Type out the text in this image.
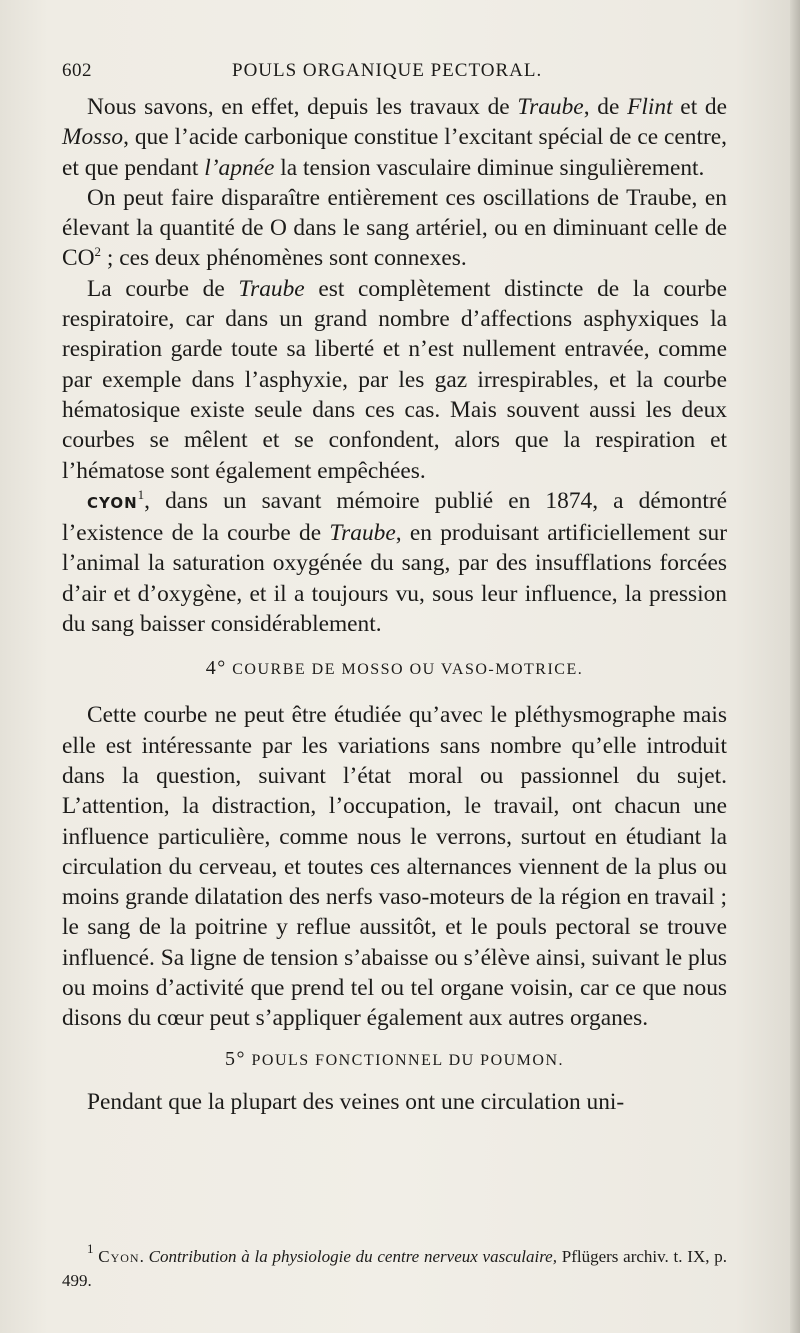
602	POULS ORGANIQUE PECTORAL.

Nous savons, en effet, depuis les travaux de Traube, de Flint et de Mosso, que l’acide carbonique constitue l’excitant spécial de ce centre, et que pendant l’apnée la tension vasculaire diminue singulièrement.

On peut faire disparaître entièrement ces oscillations de Traube, en élevant la quantité de O dans le sang artériel, ou en diminuant celle de $CO^2$ ; ces deux phénomènes sont connexes.

La courbe de Traube est complètement distincte de la courbe respiratoire, car dans un grand nombre d’affections asphyxiques la respiration garde toute sa liberté et n’est nullement entravée, comme par exemple dans l’asphyxie, par les gaz irrespirables, et la courbe hématosique existe seule dans ces cas. Mais souvent aussi les deux courbes se mêlent et se confondent, alors que la respiration et l’hématose sont également empêchées.

CYON$^1$, dans un savant mémoire publié en 1874, a démontré l’existence de la courbe de Traube, en produisant artificiellement sur l’animal la saturation oxygénée du sang, par des insufflations forcées d’air et d’oxygène, et il a toujours vu, sous leur influence, la pression du sang baisser considérablement.

4° COURBE DE MOSSO OU VASO-MOTRICE.

Cette courbe ne peut être étudiée qu’avec le pléthysmographe mais elle est intéressante par les variations sans nombre qu’elle introduit dans la question, suivant l’état moral ou passionnel du sujet. L’attention, la distraction, l’occupation, le travail, ont chacun une influence particulière, comme nous le verrons, surtout en étudiant la circulation du cerveau, et toutes ces alternances viennent de la plus ou moins grande dilatation des nerfs vaso-moteurs de la région en travail ; le sang de la poitrine y reflue aussitôt, et le pouls pectoral se trouve influencé. Sa ligne de tension s’abaisse ou s’élève ainsi, suivant le plus ou moins d’activité que prend tel ou tel organe voisin, car ce que nous disons du cœur peut s’appliquer également aux autres organes.

5° POULS FONCTIONNEL DU POUMON.

Pendant que la plupart des veines ont une circulation uni-

$^1$ Cyon. Contribution à la physiologie du centre nerveux vasculaire, Pflügers archiv. t. IX, p. 499.
